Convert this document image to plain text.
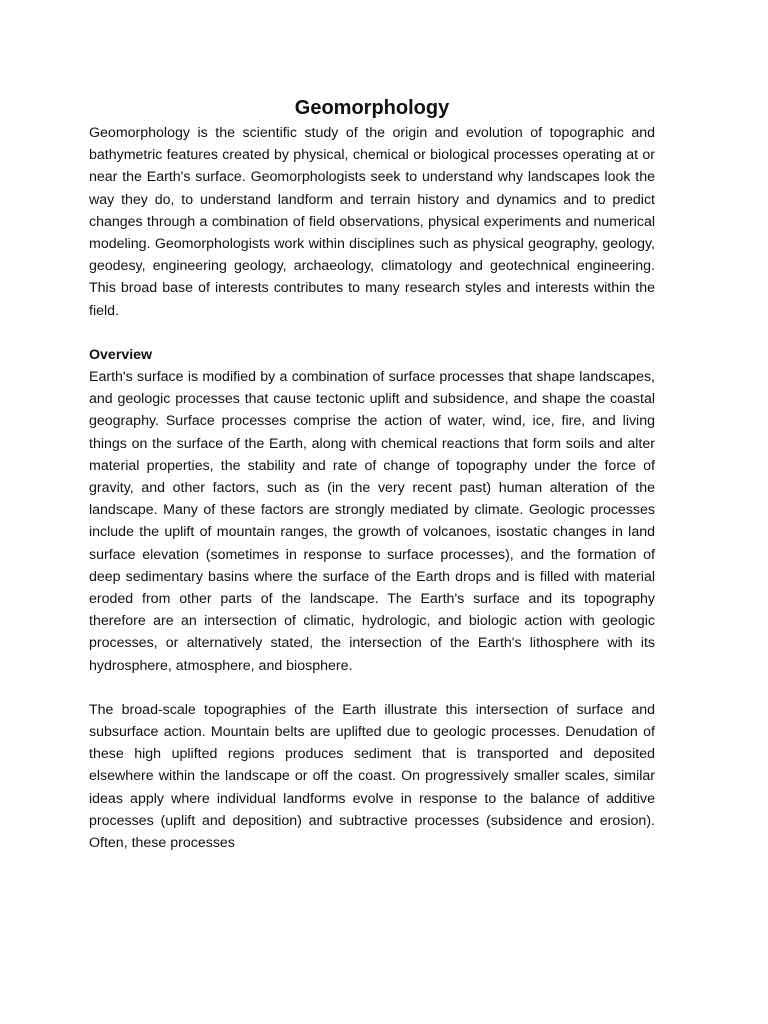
Geomorphology

Geomorphology is the scientific study of the origin and evolution of topographic and bathymetric features created by physical, chemical or biological processes operating at or near the Earth's surface. Geomorphologists seek to understand why landscapes look the way they do, to understand landform and terrain history and dynamics and to predict changes through a combination of field observations, physical experiments and numerical modeling. Geomorphologists work within disciplines such as physical geography, geology, geodesy, engineering geology, archaeology, climatology and geotechnical engineering. This broad base of interests contributes to many research styles and interests within the field.

Overview

Earth's surface is modified by a combination of surface processes that shape landscapes, and geologic processes that cause tectonic uplift and subsidence, and shape the coastal geography. Surface processes comprise the action of water, wind, ice, fire, and living things on the surface of the Earth, along with chemical reactions that form soils and alter material properties, the stability and rate of change of topography under the force of gravity, and other factors, such as (in the very recent past) human alteration of the landscape. Many of these factors are strongly mediated by climate. Geologic processes include the uplift of mountain ranges, the growth of volcanoes, isostatic changes in land surface elevation (sometimes in response to surface processes), and the formation of deep sedimentary basins where the surface of the Earth drops and is filled with material eroded from other parts of the landscape. The Earth's surface and its topography therefore are an intersection of climatic, hydrologic, and biologic action with geologic processes, or alternatively stated, the intersection of the Earth's lithosphere with its hydrosphere, atmosphere, and biosphere.

The broad-scale topographies of the Earth illustrate this intersection of surface and subsurface action. Mountain belts are uplifted due to geologic processes. Denudation of these high uplifted regions produces sediment that is transported and deposited elsewhere within the landscape or off the coast. On progressively smaller scales, similar ideas apply where individual landforms evolve in response to the balance of additive processes (uplift and deposition) and subtractive processes (subsidence and erosion). Often, these processes
